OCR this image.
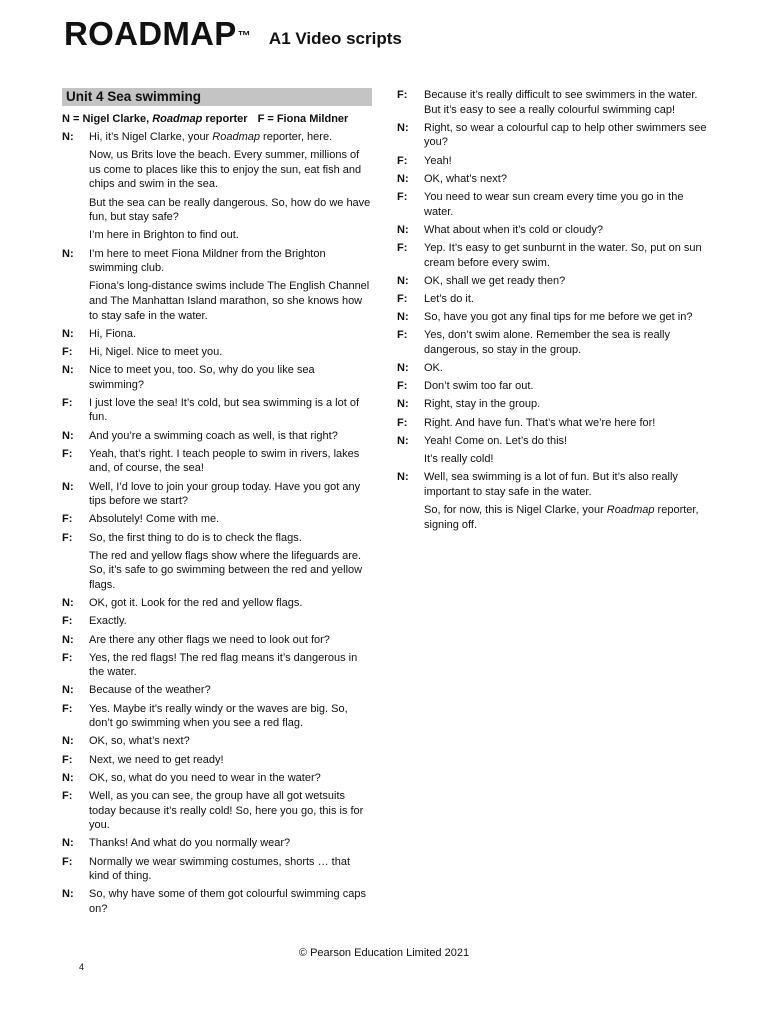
ROADMAP™ A1 Video scripts
Unit 4 Sea swimming
N = Nigel Clarke, Roadmap reporter F = Fiona Mildner
N:	Hi, it’s Nigel Clarke, your Roadmap reporter, here.
Now, us Brits love the beach. Every summer, millions of us come to places like this to enjoy the sun, eat fish and chips and swim in the sea.
But the sea can be really dangerous. So, how do we have fun, but stay safe?
I’m here in Brighton to find out.
N:	I’m here to meet Fiona Mildner from the Brighton swimming club.
Fiona’s long-distance swims include The English Channel and The Manhattan Island marathon, so she knows how to stay safe in the water.
N:	Hi, Fiona.
F:	Hi, Nigel. Nice to meet you.
N:	Nice to meet you, too. So, why do you like sea swimming?
F:	I just love the sea! It’s cold, but sea swimming is a lot of fun.
N:	And you’re a swimming coach as well, is that right?
F:	Yeah, that’s right. I teach people to swim in rivers, lakes and, of course, the sea!
N:	Well, I’d love to join your group today. Have you got any tips before we start?
F:	Absolutely! Come with me.
F:	So, the first thing to do is to check the flags.
The red and yellow flags show where the lifeguards are. So, it’s safe to go swimming between the red and yellow flags.
N:	OK, got it. Look for the red and yellow flags.
F:	Exactly.
N:	Are there any other flags we need to look out for?
F:	Yes, the red flags! The red flag means it’s dangerous in the water.
N:	Because of the weather?
F:	Yes. Maybe it’s really windy or the waves are big. So, don’t go swimming when you see a red flag.
N:	OK, so, what’s next?
F:	Next, we need to get ready!
N:	OK, so, what do you need to wear in the water?
F:	Well, as you can see, the group have all got wetsuits today because it’s really cold! So, here you go, this is for you.
N:	Thanks! And what do you normally wear?
F:	Normally we wear swimming costumes, shorts … that kind of thing.
N:	So, why have some of them got colourful swimming caps on?
F:	Because it’s really difficult to see swimmers in the water. But it’s easy to see a really colourful swimming cap!
N:	Right, so wear a colourful cap to help other swimmers see you?
F:	Yeah!
N:	OK, what’s next?
F:	You need to wear sun cream every time you go in the water.
N:	What about when it’s cold or cloudy?
F:	Yep. It’s easy to get sunburnt in the water. So, put on sun cream before every swim.
N:	OK, shall we get ready then?
F:	Let’s do it.
N:	So, have you got any final tips for me before we get in?
F:	Yes, don’t swim alone. Remember the sea is really dangerous, so stay in the group.
N:	OK.
F:	Don’t swim too far out.
N:	Right, stay in the group.
F:	Right. And have fun. That’s what we’re here for!
N:	Yeah! Come on. Let’s do this!
It’s really cold!
N:	Well, sea swimming is a lot of fun. But it’s also really important to stay safe in the water.
So, for now, this is Nigel Clarke, your Roadmap reporter, signing off.
© Pearson Education Limited 2021
4
